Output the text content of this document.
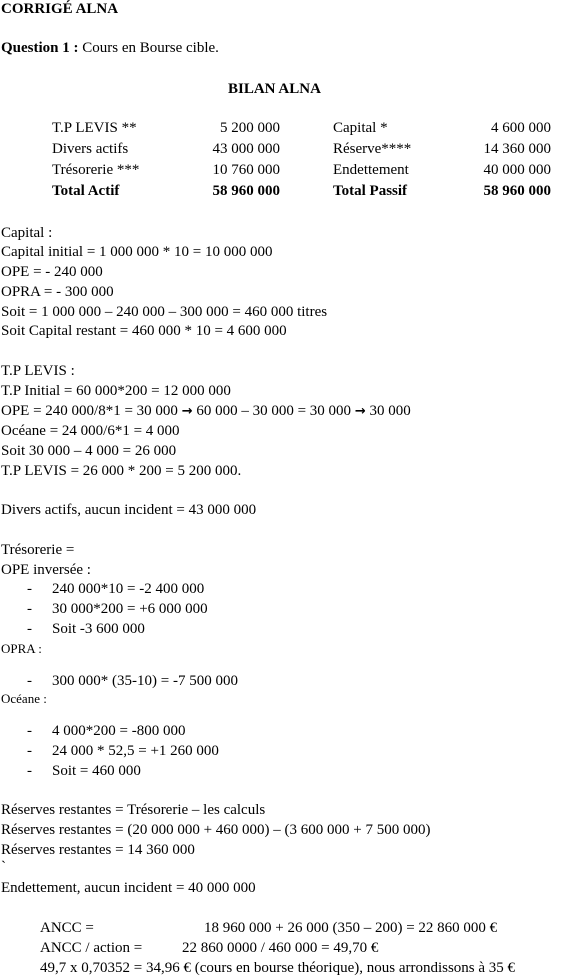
CORRIGÉ ALNA
Question 1 : Cours en Bourse cible.
BILAN ALNA
T.P LEVIS **	5 200 000	Capital *	4 600 000
Divers actifs	43 000 000	Réserve****	14 360 000
Trésorerie ***	10 760 000	Endettement	40 000 000
Total Actif	58 960 000	Total Passif	58 960 000
Capital :
Capital initial = 1 000 000 * 10 = 10 000 000
OPE = - 240 000
OPRA = - 300 000
Soit = 1 000 000 – 240 000 – 300 000 = 460 000 titres
Soit Capital restant = 460 000 * 10 = 4 600 000
T.P LEVIS :
T.P Initial = 60 000*200 = 12 000 000
OPE = 240 000/8*1 = 30 000 → 60 000 – 30 000 = 30 000 → 30 000
Océane = 24 000/6*1 = 4 000
Soit 30 000 – 4 000 = 26 000
T.P LEVIS = 26 000 * 200 = 5 200 000.
Divers actifs, aucun incident = 43 000 000
Trésorerie =
OPE inversée :
- 240 000*10 = -2 400 000
- 30 000*200 = +6 000 000
- Soit -3 600 000
OPRA :
- 300 000* (35-10) = -7 500 000
Océane :
- 4 000*200 = -800 000
- 24 000 * 52,5 = +1 260 000
- Soit = 460 000
Réserves restantes = Trésorerie – les calculs
Réserves restantes = (20 000 000 + 460 000) – (3 600 000 + 7 500 000)
Réserves restantes = 14 360 000
`
Endettement, aucun incident = 40 000 000
ANCC =	18 960 000 + 26 000 (350 – 200) = 22 860 000 €
ANCC / action =	22 860 0000 / 460 000 = 49,70 €
49,7 x 0,70352 = 34,96 € (cours en bourse théorique), nous arrondissons à 35 €
